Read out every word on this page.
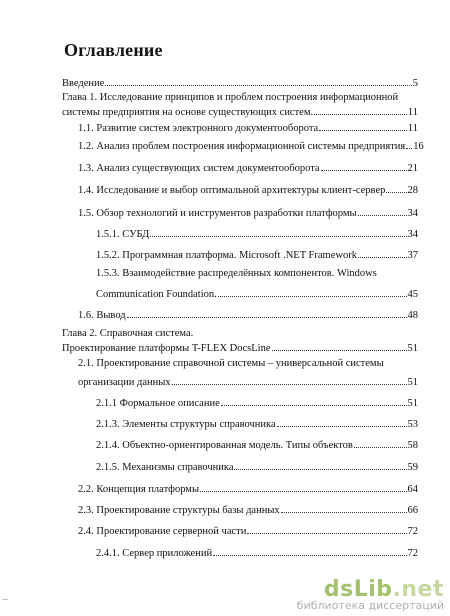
Оглавление
Введение	5
Глава 1. Исследование принципов и проблем построения информационной
системы предприятия на основе существующих систем.	11
1.1. Развитие систем электронного документооборота	11
1.2. Анализ проблем построения информационной системы предприятия 16
1.3. Анализ существующих систем документооборота	21
1.4. Исследование и выбор оптимальной архитектуры клиент-сервер 28
1.5. Обзор технологий и инструментов разработки платформы	34
1.5.1. СУБД	34
1.5.2. Программная платформа. Microsoft .NET Framework	37
1.5.3. Взаимодействие распределённых компонентов. Windows
Communication Foundation.	45
1.6. Вывод	48
Глава 2. Справочная система.
Проектирование платформы T-FLEX DocsLine	51
2.1. Проектирование справочной системы – универсальной системы
организации данных	51
2.1.1 Формальное описание	51
2.1.3. Элементы структуры справочника	53
2.1.4. Объектно-ориентированная модель. Типы объектов	58
2.1.5. Механизмы справочника	59
2.2. Концепция платформы	64
2.3. Проектирование структуры базы данных	66
2.4. Проектирование серверной части	72
2.4.1. Сервер приложений	72
dsLib.net
библиотека диссертаций
